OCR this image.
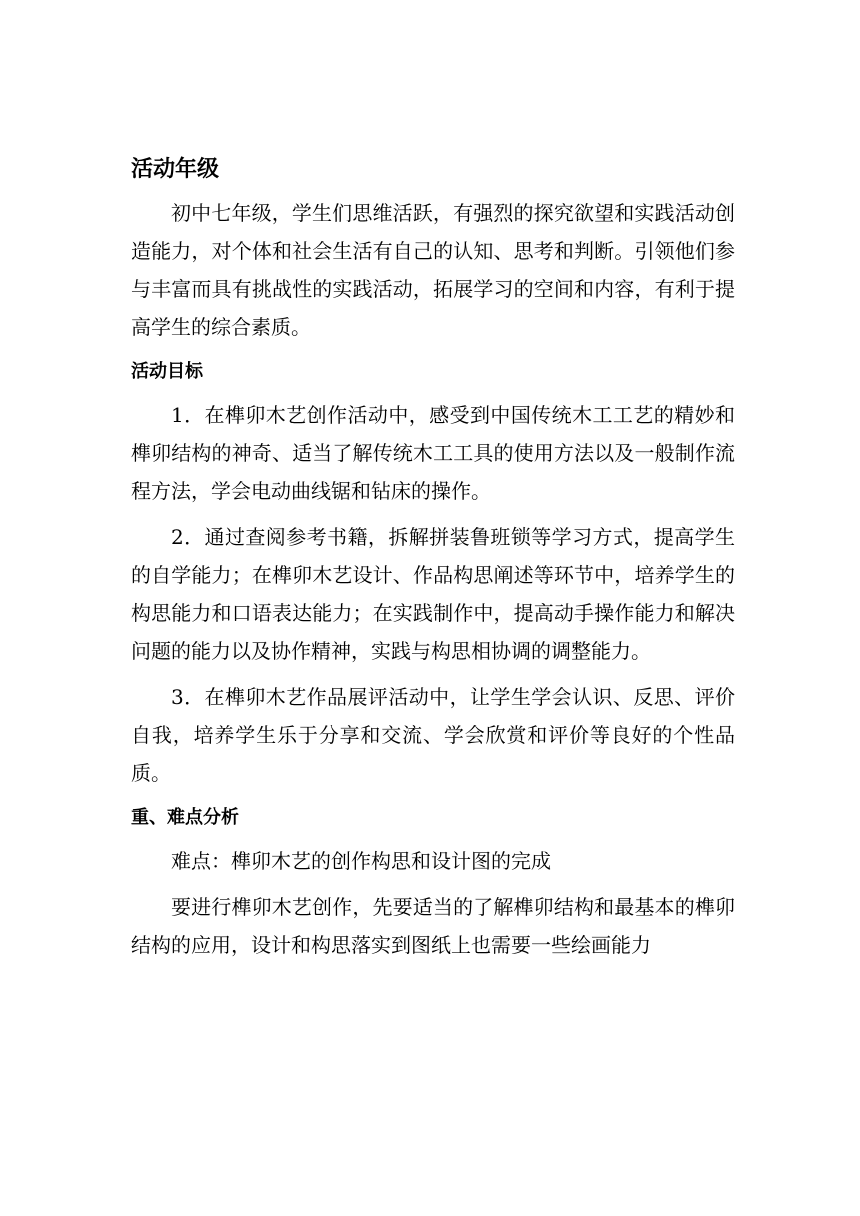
活动年级

初中七年级，学生们思维活跃，有强烈的探究欲望和实践活动创造能力，对个体和社会生活有自己的认知、思考和判断。引领他们参与丰富而具有挑战性的实践活动，拓展学习的空间和内容，有利于提高学生的综合素质。

活动目标

1．在榫卯木艺创作活动中，感受到中国传统木工工艺的精妙和榫卯结构的神奇、适当了解传统木工工具的使用方法以及一般制作流程方法，学会电动曲线锯和钻床的操作。

2．通过查阅参考书籍，拆解拼装鲁班锁等学习方式，提高学生的自学能力；在榫卯木艺设计、作品构思阐述等环节中，培养学生的构思能力和口语表达能力；在实践制作中，提高动手操作能力和解决问题的能力以及协作精神，实践与构思相协调的调整能力。

3．在榫卯木艺作品展评活动中，让学生学会认识、反思、评价自我，培养学生乐于分享和交流、学会欣赏和评价等良好的个性品质。

重、难点分析

难点：榫卯木艺的创作构思和设计图的完成

要进行榫卯木艺创作，先要适当的了解榫卯结构和最基本的榫卯结构的应用，设计和构思落实到图纸上也需要一些绘画能力
